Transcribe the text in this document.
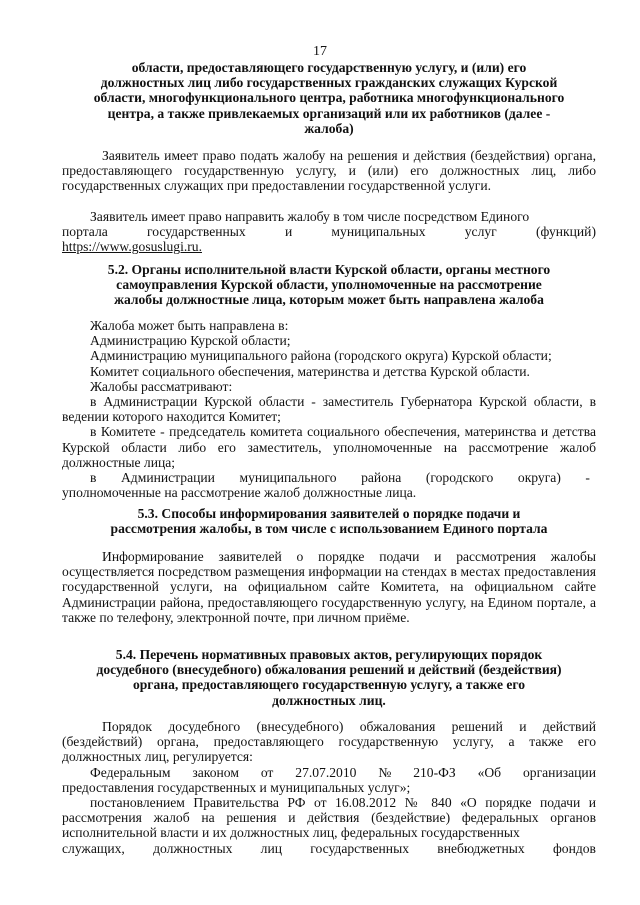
17
области, предоставляющего государственную услугу, и (или) его
должностных лиц либо государственных гражданских служащих Курской
области, многофункционального центра, работника многофункционального
центра, а также привлекаемых организаций или их работников (далее -
жалоба)

Заявитель имеет право подать жалобу на решения и действия (бездействия) органа, предоставляющего государственную услугу, и (или) его должностных лиц, либо государственных служащих при предоставлении государственной услуги.

Заявитель имеет право направить жалобу в том числе посредством Единого
портала	государственных	и	муниципальных	услуг	(функций)
https://www.gosuslugi.ru.
5.2. Органы исполнительной власти Курской области, органы местного
самоуправления Курской области, уполномоченные на рассмотрение
жалобы должностные лица, которым может быть направлена жалоба
Жалоба может быть направлена в:
Администрацию Курской области;
Администрацию муниципального района (городского округа) Курской области;
Комитет социального обеспечения, материнства и детства Курской области.
Жалобы рассматривают:
в Администрации Курской области - заместитель Губернатора Курской области, в ведении которого находится Комитет;
в Комитете - председатель комитета социального обеспечения, материнства и детства Курской области либо его заместитель, уполномоченные на рассмотрение жалоб должностные лица;
в Администрации муниципального района (городского округа) -
уполномоченные на рассмотрение жалоб должностные лица.
5.3. Способы информирования заявителей о порядке подачи и
рассмотрения жалобы, в том числе с использованием Единого портала

Информирование заявителей о порядке подачи и рассмотрения жалобы осуществляется посредством размещения информации на стендах в местах предоставления государственной услуги, на официальном сайте Комитета, на официальном сайте Администрации района, предоставляющего государственную услугу, на Едином портале, а также по телефону, электронной почте, при личном приёме.

5.4. Перечень нормативных правовых актов, регулирующих порядок
досудебного (внесудебного) обжалования решений и действий (бездействия)
органа, предоставляющего государственную услугу, а также его
должностных лиц.
Порядок досудебного (внесудебного) обжалования решений и действий (бездействий) органа, предоставляющего государственную услугу, а также его должностных лиц, регулируется:
Федеральным законом от 27.07.2010 № 210-ФЗ «Об организации
предоставления государственных и муниципальных услуг»;
постановлением Правительства РФ от 16.08.2012 № 840 «О порядке подачи и рассмотрения жалоб на решения и действия (бездействие) федеральных органов исполнительной власти и их должностных лиц, федеральных государственных
служащих, должностных лиц государственных внебюджетных фондов
